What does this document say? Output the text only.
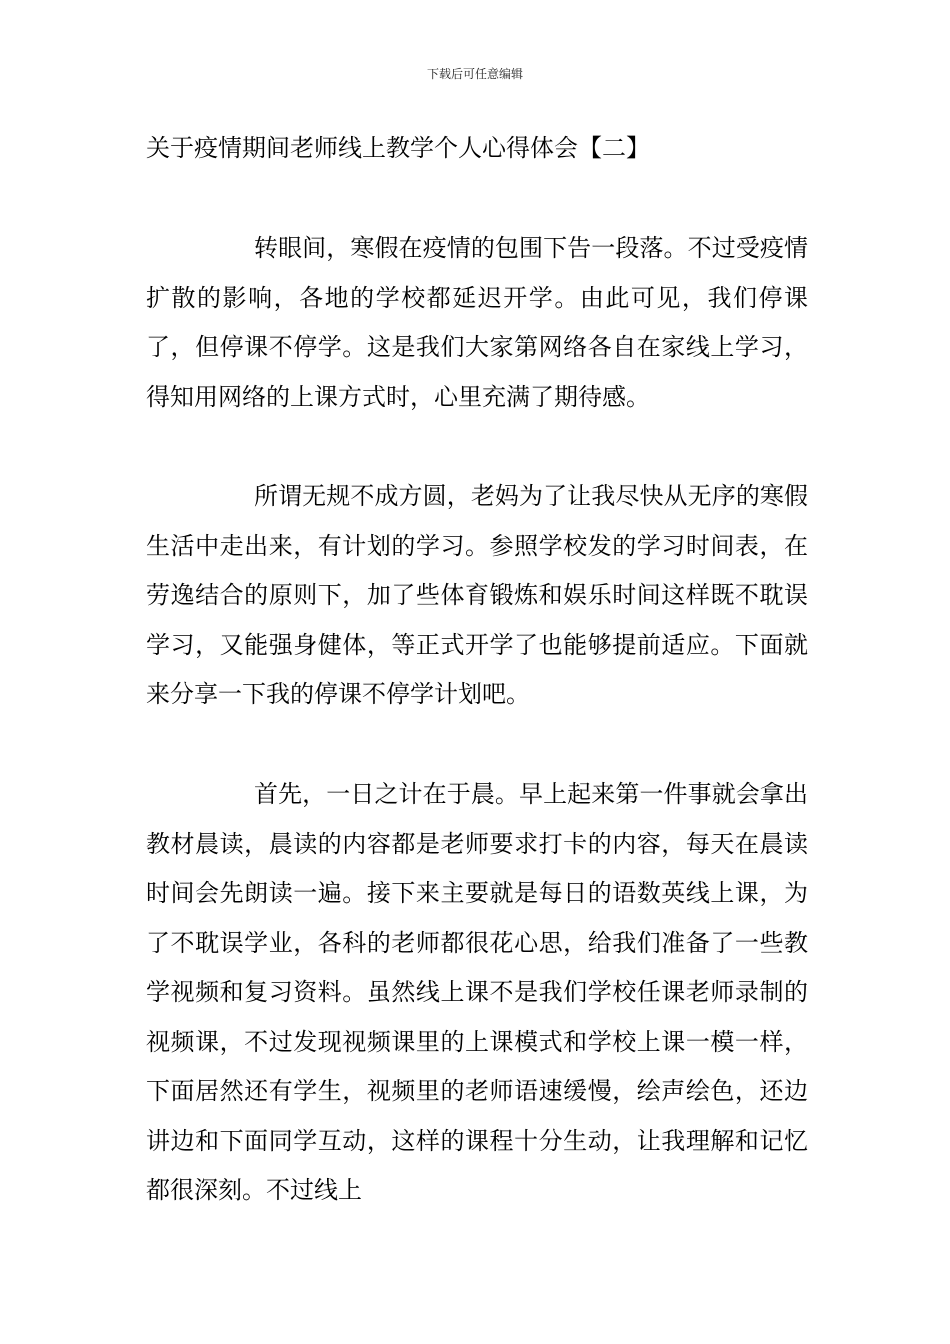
下载后可任意编辑
关于疫情期间老师线上教学个人心得体会【二】

转眼间，寒假在疫情的包围下告一段落。不过受疫情扩散的影响，各地的学校都延迟开学。由此可见，我们停课了，但停课不停学。这是我们大家第网络各自在家线上学习，得知用网络的上课方式时，心里充满了期待感。

所谓无规不成方圆，老妈为了让我尽快从无序的寒假生活中走出来，有计划的学习。参照学校发的学习时间表，在劳逸结合的原则下，加了些体育锻炼和娱乐时间这样既不耽误学习，又能强身健体，等正式开学了也能够提前适应。下面就来分享一下我的停课不停学计划吧。

首先，一日之计在于晨。早上起来第一件事就会拿出教材晨读，晨读的内容都是老师要求打卡的内容，每天在晨读时间会先朗读一遍。接下来主要就是每日的语数英线上课，为了不耽误学业，各科的老师都很花心思，给我们准备了一些教学视频和复习资料。虽然线上课不是我们学校任课老师录制的视频课，不过发现视频课里的上课模式和学校上课一模一样，下面居然还有学生，视频里的老师语速缓慢，绘声绘色，还边讲边和下面同学互动，这样的课程十分生动，让我理解和记忆都很深刻。不过线上
